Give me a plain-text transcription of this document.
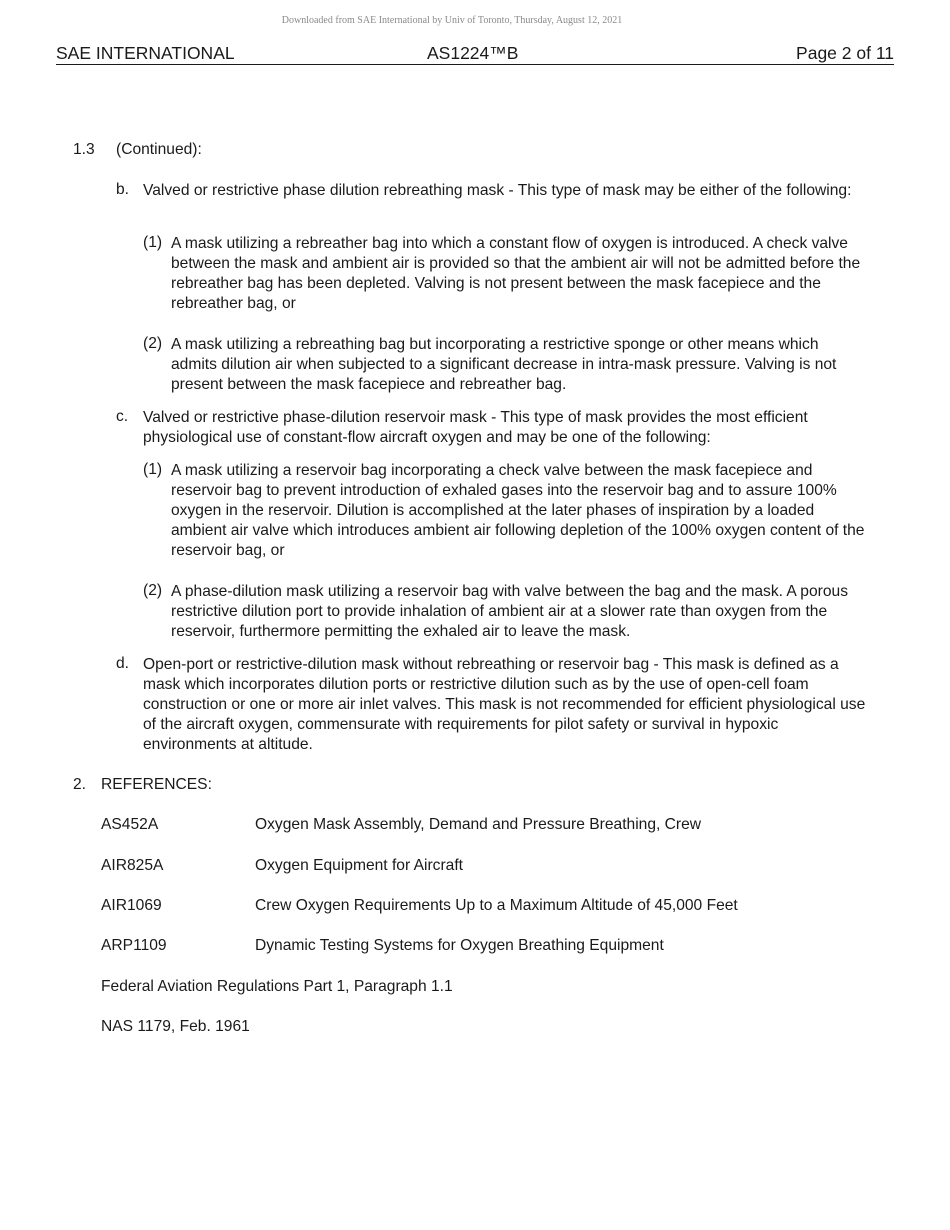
Downloaded from SAE International by Univ of Toronto, Thursday, August 12, 2021
SAE INTERNATIONAL	AS1224™B	Page 2 of 11
1.3 (Continued):
b. Valved or restrictive phase dilution rebreathing mask - This type of mask may be either of the following:

(1) A mask utilizing a rebreather bag into which a constant flow of oxygen is introduced. A check valve between the mask and ambient air is provided so that the ambient air will not be admitted before the rebreather bag has been depleted. Valving is not present between the mask facepiece and the rebreather bag, or

(2) A mask utilizing a rebreathing bag but incorporating a restrictive sponge or other means which admits dilution air when subjected to a significant decrease in intra-mask pressure. Valving is not present between the mask facepiece and rebreather bag.

c. Valved or restrictive phase-dilution reservoir mask - This type of mask provides the most efficient physiological use of constant-flow aircraft oxygen and may be one of the following:

(1) A mask utilizing a reservoir bag incorporating a check valve between the mask facepiece and reservoir bag to prevent introduction of exhaled gases into the reservoir bag and to assure 100% oxygen in the reservoir. Dilution is accomplished at the later phases of inspiration by a loaded ambient air valve which introduces ambient air following depletion of the 100% oxygen content of the reservoir bag, or

(2) A phase-dilution mask utilizing a reservoir bag with valve between the bag and the mask. A porous restrictive dilution port to provide inhalation of ambient air at a slower rate than oxygen from the reservoir, furthermore permitting the exhaled air to leave the mask.

d. Open-port or restrictive-dilution mask without rebreathing or reservoir bag - This mask is defined as a mask which incorporates dilution ports or restrictive dilution such as by the use of open-cell foam construction or one or more air inlet valves. This mask is not recommended for efficient physiological use of the aircraft oxygen, commensurate with requirements for pilot safety or survival in hypoxic environments at altitude.

2. REFERENCES:
AS452A	Oxygen Mask Assembly, Demand and Pressure Breathing, Crew
AIR825A	Oxygen Equipment for Aircraft
AIR1069	Crew Oxygen Requirements Up to a Maximum Altitude of 45,000 Feet
ARP1109	Dynamic Testing Systems for Oxygen Breathing Equipment
Federal Aviation Regulations Part 1, Paragraph 1.1
NAS 1179, Feb. 1961
